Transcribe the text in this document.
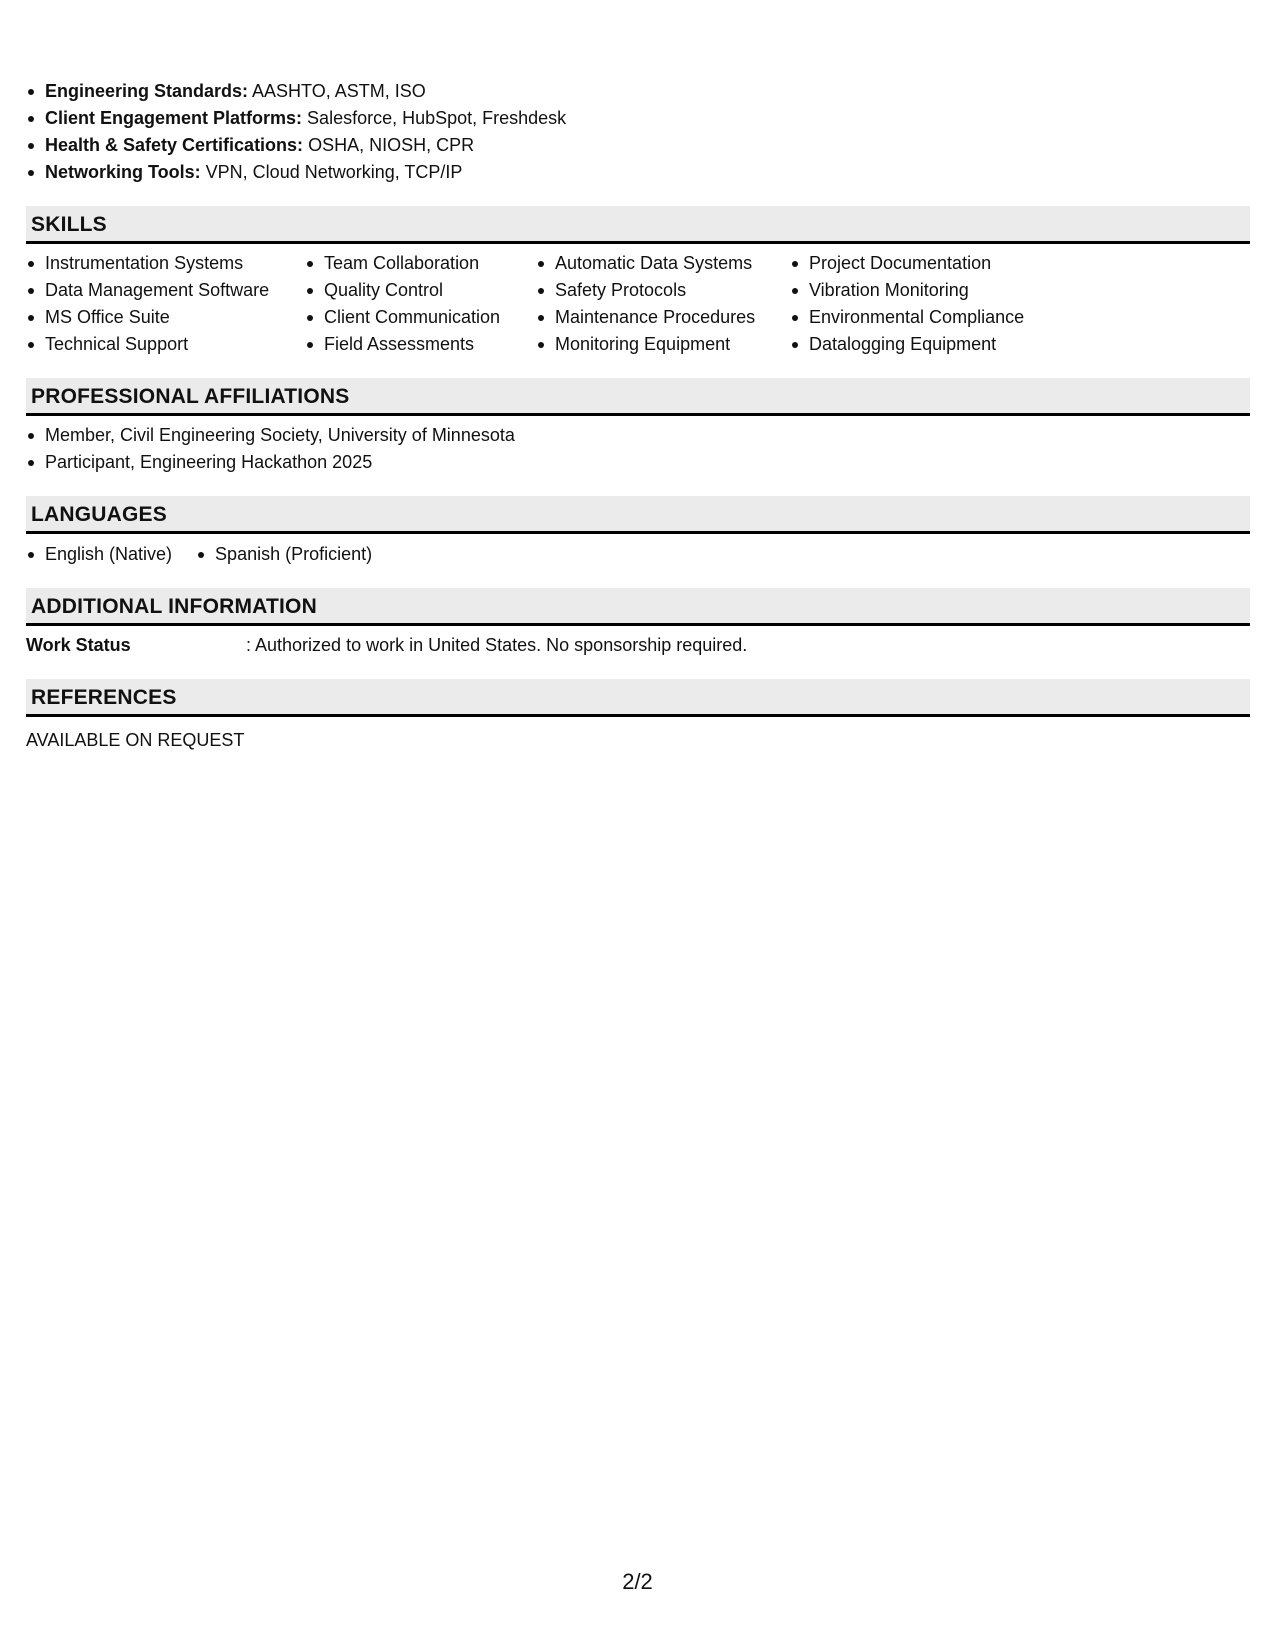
Engineering Standards: AASHTO, ASTM, ISO
Client Engagement Platforms: Salesforce, HubSpot, Freshdesk
Health & Safety Certifications: OSHA, NIOSH, CPR
Networking Tools: VPN, Cloud Networking, TCP/IP
SKILLS
Instrumentation Systems
Data Management Software
MS Office Suite
Technical Support
Team Collaboration
Quality Control
Client Communication
Field Assessments
Automatic Data Systems
Safety Protocols
Maintenance Procedures
Monitoring Equipment
Project Documentation
Vibration Monitoring
Environmental Compliance
Datalogging Equipment
PROFESSIONAL AFFILIATIONS
Member, Civil Engineering Society, University of Minnesota
Participant, Engineering Hackathon 2025
LANGUAGES
English (Native)	Spanish (Proficient)
ADDITIONAL INFORMATION
Work Status	: Authorized to work in United States. No sponsorship required.
REFERENCES
AVAILABLE ON REQUEST
2/2
